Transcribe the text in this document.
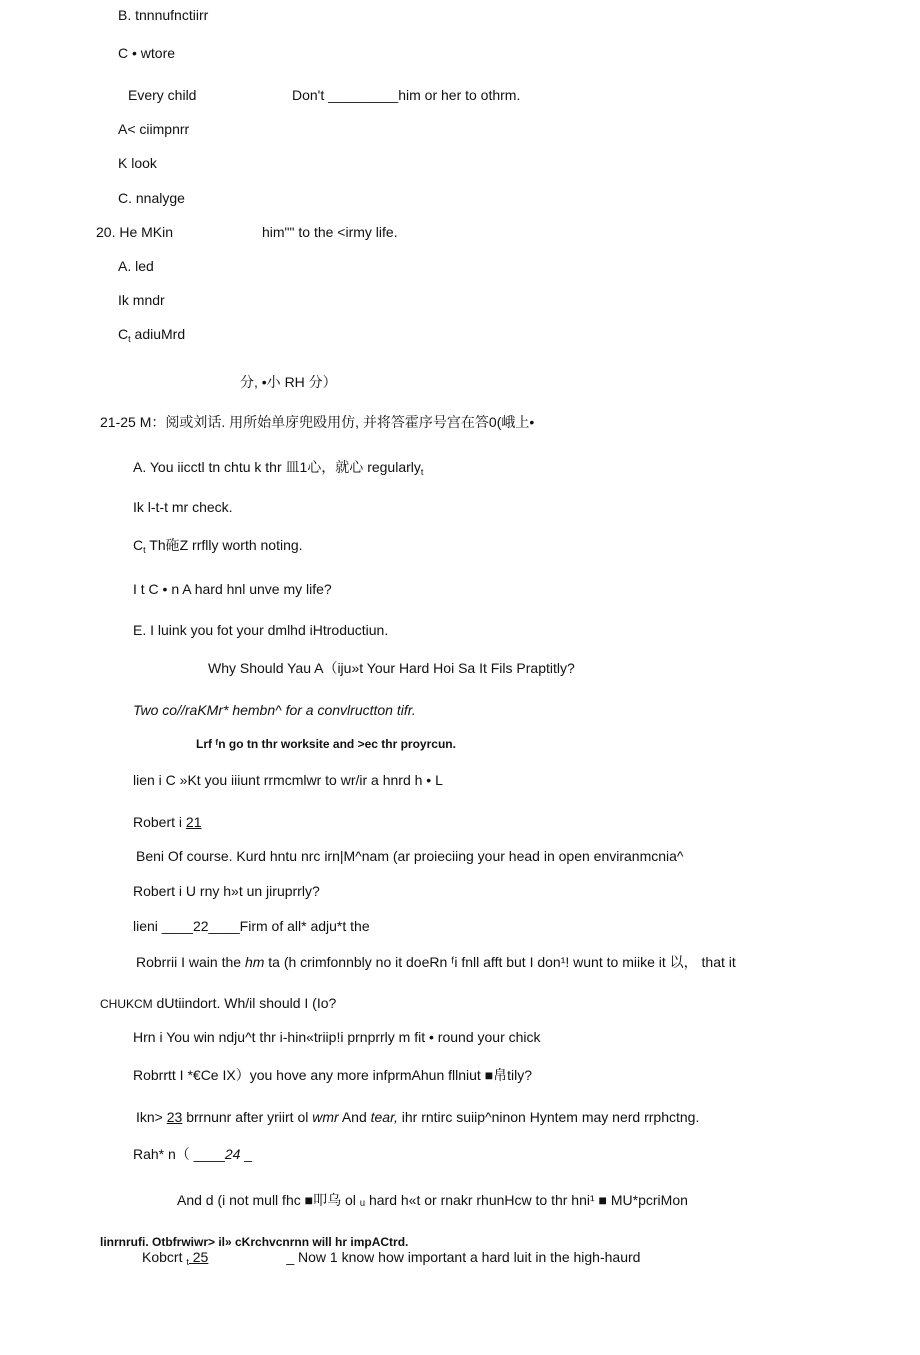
B. tnnnufnctiirr
C • wtore
Every child	Don't _________him or her to othrm.
A< ciimpnrr
K look
C. nnalyge
20. He MKin	him"" to the <irmy life.
A. led
Ik mndr
$C_t$ adiuMrd
分, •小 RH 分）
21-25 M：阅或刘话. 用所始单庌兜殴用仿, 并将答霍序号宫在答0(峨上•
A. You iicctl tn chtu k thr 皿1心，就心 regularly$_t$
Ik l-t-t mr check.
$C_t$ Th砤Z rrflly worth noting.
I t C • n A hard hnl unve my life?
E. I luink you fot your dmlhd iHtroductiun.
Why Should Yau A（iju»t Your Hard Hoi Sa It Fils Praptitly?
Two co//raKMr* hembn^ for a convlructton tifr.
Lrf ᶠn go tn thr worksite and >ec thr proyrcun.
lien i C »Kt you iiiunt rrmcmlwr to wr/ir a hnrd h • L
Robert i 21
Beni Of course. Kurd hntu nrc irn|M^nam (ar proieciing your head in open enviranmcnia^
Robert i U rny h»t un jiruprrly?
lieni ____22____Firm of all* adju*t the
Robrrii I wain the hm ta (h crimfonnbly no it doeRn ᶠi fnll afft but I don¹! wunt to miike it 以， that it
CHUKCM dUtiindort. Wh/il should I (Io?
Hrn i You win ndju^t thr i-hin«triip!i prnprrly m fit • round your chick
Robrrtt I *€Ce IX）you hove any more infprmAhun fllniut ■帛tily?
Ikn> 23 brrnunr after yriirt ol wmr And tear, ihr rntirc suiip^ninon Hyntem may nerd rrphctng.
Rah* n（ ____24 _
And d (i not mull fhc ■叩乌 ol ᵤ hard h«t or rnakr rhunHcw to thr hni¹ ■ MU*pcriMon
linrnrufi. Otbfrwiwr> il» cKrchvcnrnn will hr impACtrd.
Kobcrt $_t$ 25	_ Now 1 know how important a hard luit in the high-haurd
